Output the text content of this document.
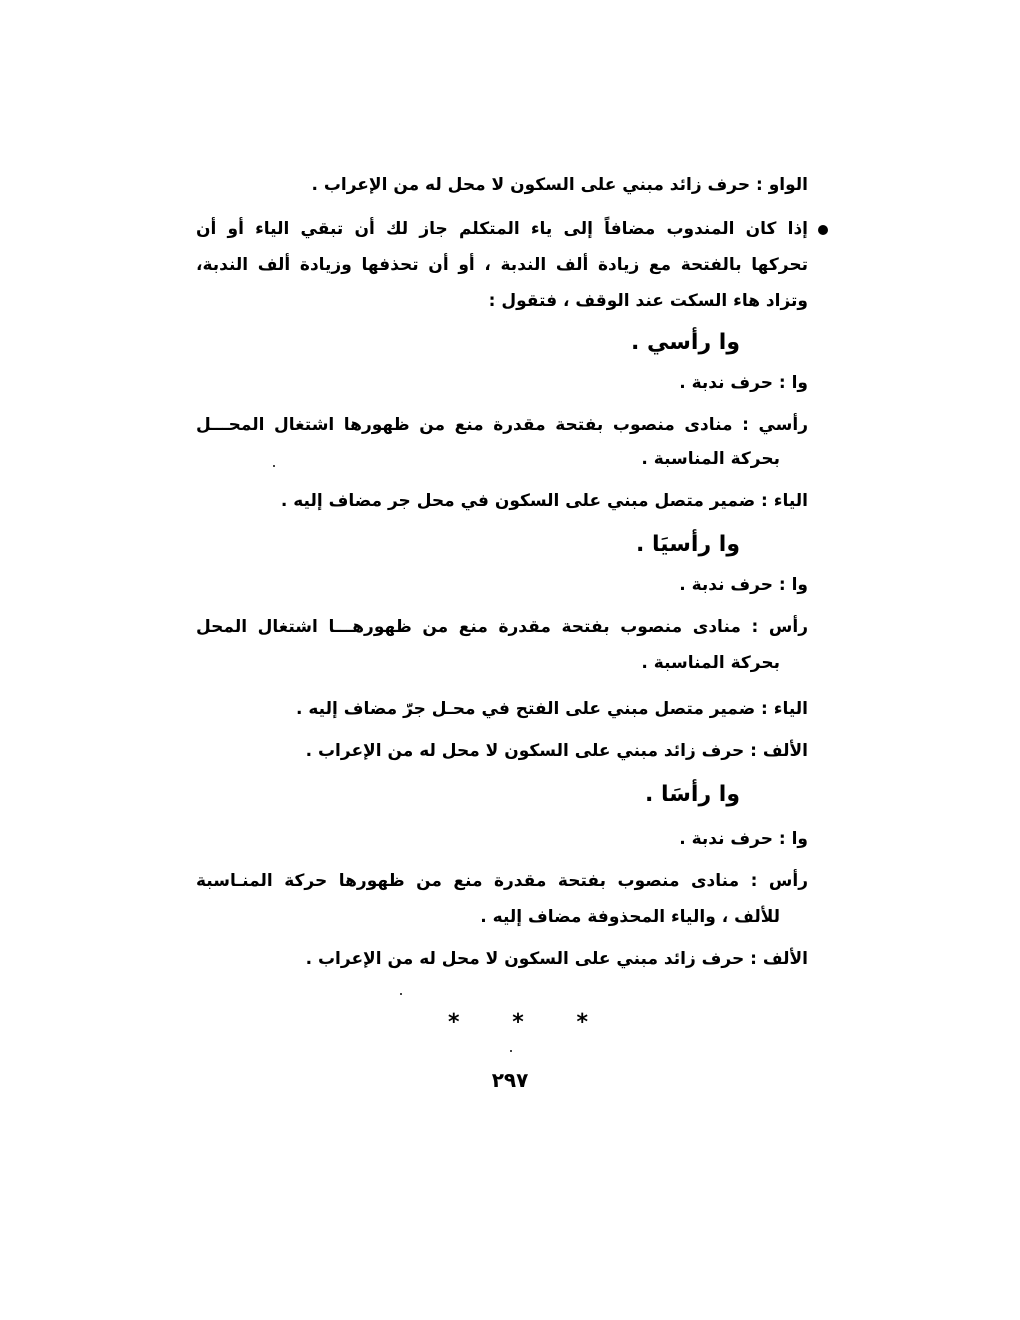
الواو : حرف زائد مبني على السكون لا محل له من الإعراب .
إذا كان المندوب مضافاً إلى ياء المتكلم جاز لك أن تبقي الياء أو أن
تحركها بالفتحة مع زيادة ألف الندبة ، أو أن تحذفها وزيادة ألف الندبة،
وتزاد هاء السكت عند الوقف ، فتقول :
وا رأسي .
وا : حرف ندبة .
رأسي : منادى منصوب بفتحة مقدرة منع من ظهورها اشتغال المحـــل
بحركة المناسبة .
الياء : ضمير متصل مبني على السكون في محل جر مضاف إليه .
وا رأسيَا .
وا : حرف ندبة .
رأس : منادى منصوب بفتحة مقدرة منع من ظهورهـــا اشتغال المحل
بحركة المناسبة .
الياء : ضمير متصل مبني على الفتح في محـل جرّ مضاف إليه .
الألف : حرف زائد مبني على السكون لا محل له من الإعراب .
وا رأسَا .
وا : حرف ندبة .
رأس : منادى منصوب بفتحة مقدرة منع من ظهورها حركة المنـاسبة
للألف ، والياء المحذوفة مضاف إليه .
الألف : حرف زائد مبني على السكون لا محل له من الإعراب .
* * *
٢٩٧
